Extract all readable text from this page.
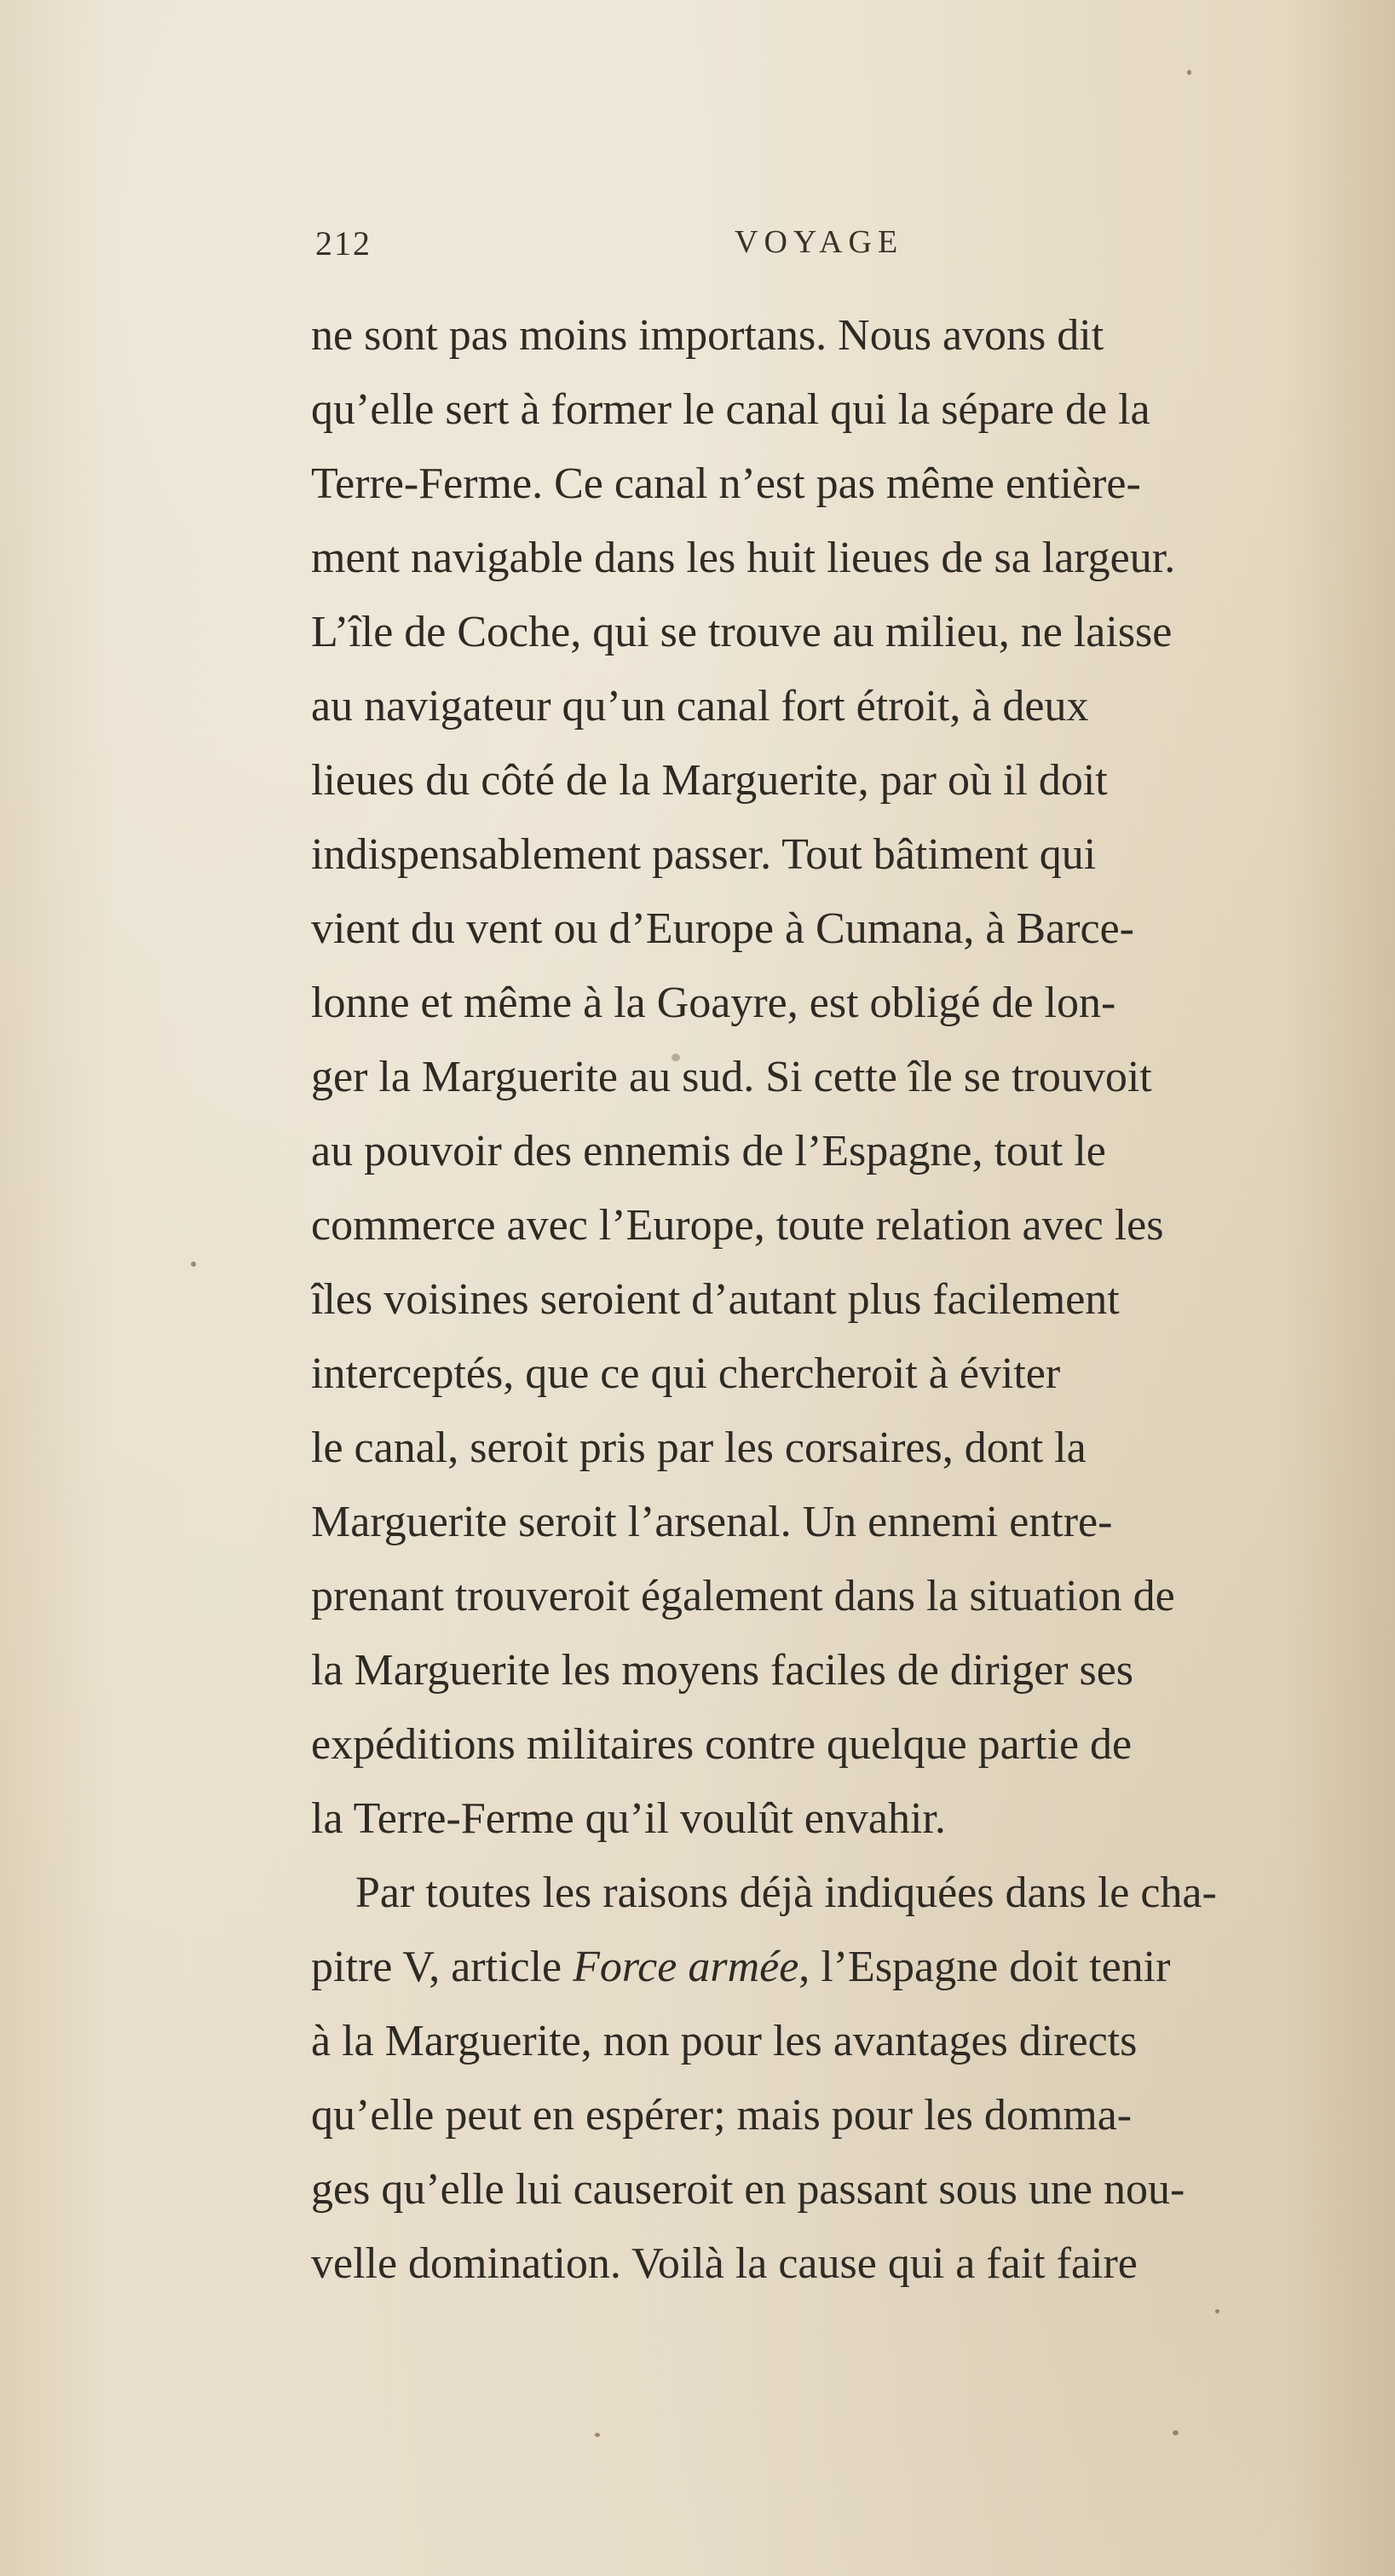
212	VOYAGE
ne sont pas moins importans. Nous avons dit
qu’elle sert à former le canal qui la sépare de la
Terre-Ferme. Ce canal n’est pas même entière-
ment navigable dans les huit lieues de sa largeur.
L’île de Coche, qui se trouve au milieu, ne laisse
au navigateur qu’un canal fort étroit, à deux
lieues du côté de la Marguerite, par où il doit
indispensablement passer. Tout bâtiment qui
vient du vent ou d’Europe à Cumana, à Barce-
lonne et même à la Goayre, est obligé de lon-
ger la Marguerite au sud. Si cette île se trouvoit
au pouvoir des ennemis de l’Espagne, tout le
commerce avec l’Europe, toute relation avec les
îles voisines seroient d’autant plus facilement
interceptés, que ce qui chercheroit à éviter
le canal, seroit pris par les corsaires, dont la
Marguerite seroit l’arsenal. Un ennemi entre-
prenant trouveroit également dans la situation de
la Marguerite les moyens faciles de diriger ses
expéditions militaires contre quelque partie de
la Terre-Ferme qu’il voulût envahir.
Par toutes les raisons déjà indiquées dans le cha-
pitre V, article Force armée, l’Espagne doit tenir
à la Marguerite, non pour les avantages directs
qu’elle peut en espérer; mais pour les domma-
ges qu’elle lui causeroit en passant sous une nou-
velle domination. Voilà la cause qui a fait faire
